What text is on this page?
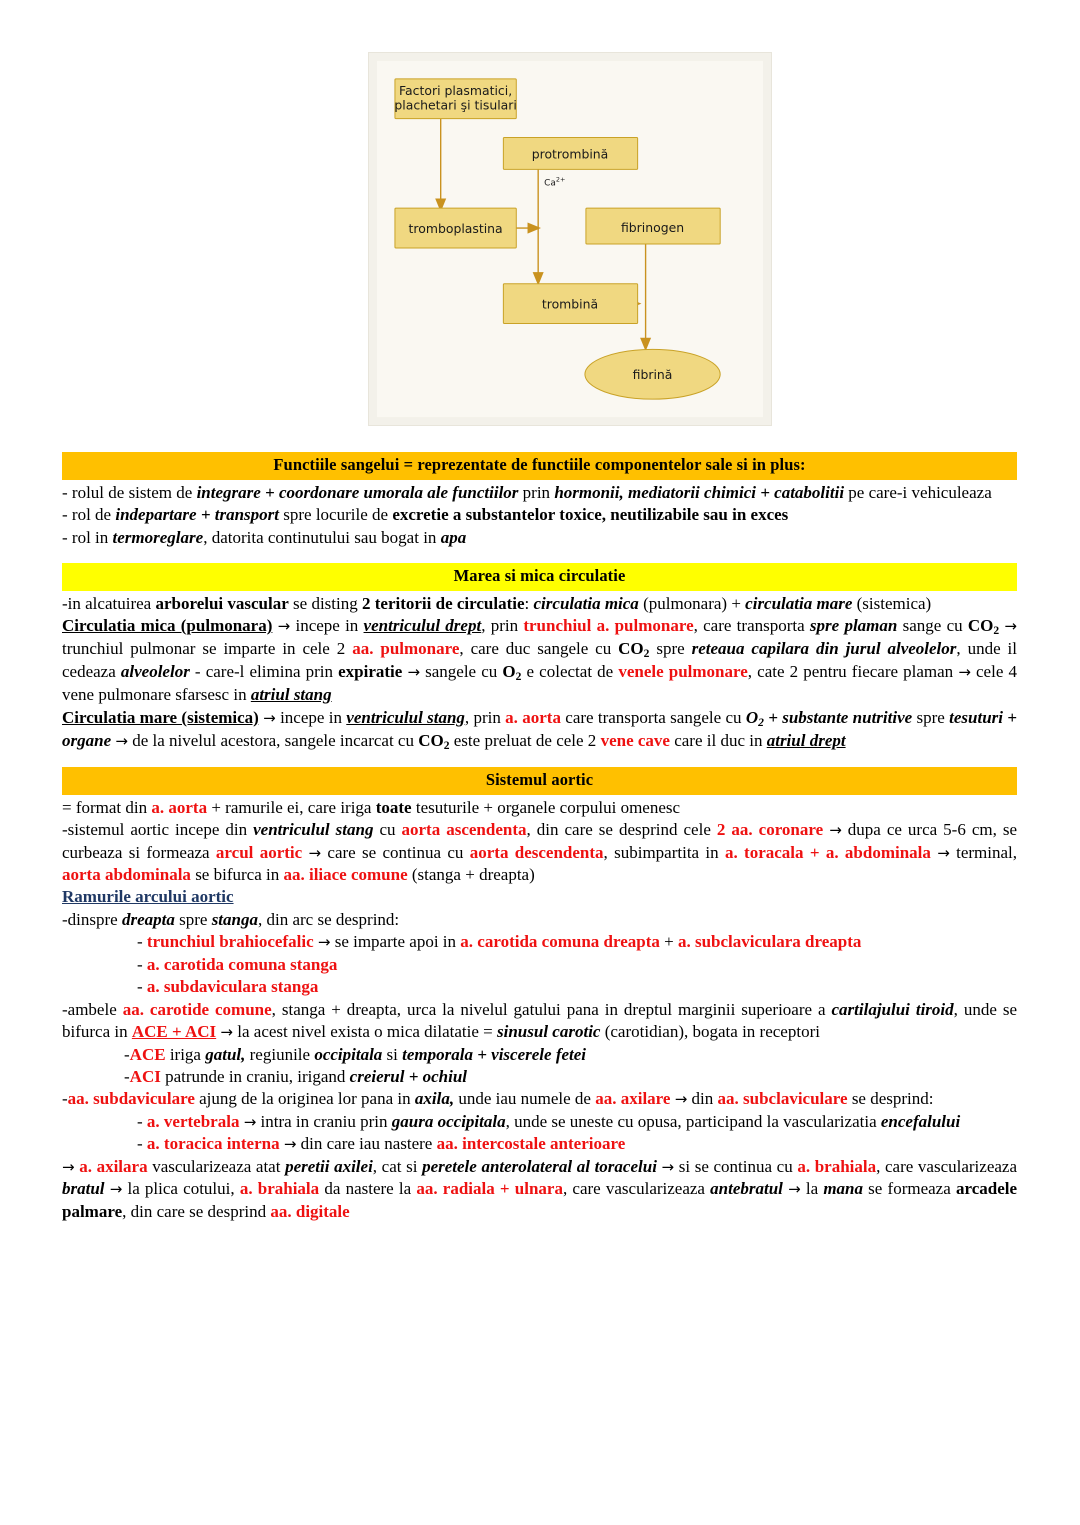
Factori plasmatici,
plachetari şi tisulari
protrombină
$Ca^{2+}$
tromboplastina	fibrinogen
trombină
fibrină
Functiile sangelui = reprezentate de functiile componentelor sale si in plus:

- rolul de sistem de integrare + coordonare umorala ale functiilor prin hormonii, mediatorii chimici + catabolitii pe care-i vehiculeaza

- rol de indepartare + transport spre locurile de excretie a substantelor toxice, neutilizabile sau in exces

- rol in termoreglare, datorita continutului sau bogat in apa

Marea si mica circulatie

-in alcatuirea arborelui vascular se disting 2 teritorii de circulatie: circulatia mica (pulmonara) + circulatia mare (sistemica)

Circulatia mica (pulmonara) → incepe in ventriculul drept, prin trunchiul a. pulmonare, care transporta spre plaman sange cu $CO_2$ → trunchiul pulmonar se imparte in cele 2 aa. pulmonare, care duc sangele cu $CO_2$ spre reteaua capilara din jurul alveolelor, unde il cedeaza alveolelor - care-l elimina prin expiratie → sangele cu $O_2$ e colectat de venele pulmonare, cate 2 pentru fiecare plaman → cele 4 vene pulmonare sfarsesc in atriul stang

Circulatia mare (sistemica) → incepe in ventriculul stang, prin a. aorta care transporta sangele cu $O_2$ + substante nutritive spre tesuturi + organe → de la nivelul acestora, sangele incarcat cu $CO_2$ este preluat de cele 2 vene cave care il duc in atriul drept

Sistemul aortic

= format din a. aorta + ramurile ei, care iriga toate tesuturile + organele corpului omenesc

-sistemul aortic incepe din ventriculul stang cu aorta ascendenta, din care se desprind cele 2 aa. coronare → dupa ce urca 5-6 cm, se curbeaza si formeaza arcul aortic → care se continua cu aorta descendenta, subimpartita in a. toracala + a. abdominala → terminal, aorta abdominala se bifurca in aa. iliace comune (stanga + dreapta)

Ramurile arcului aortic

-dinspre dreapta spre stanga, din arc se desprind:

- trunchiul brahiocefalic → se imparte apoi in a. carotida comuna dreapta + a. subclaviculara dreapta

- a. carotida comuna stanga

- a. subdaviculara stanga

-ambele aa. carotide comune, stanga + dreapta, urca la nivelul gatului pana in dreptul marginii superioare a cartilajului tiroid, unde se bifurca in ACE + ACI → la acest nivel exista o mica dilatatie = sinusul carotic (carotidian), bogata in receptori

-ACE iriga gatul, regiunile occipitala si temporala + viscerele fetei

-ACI patrunde in craniu, irigand creierul + ochiul

-aa. subdaviculare ajung de la originea lor pana in axila, unde iau numele de aa. axilare → din aa. subclaviculare se desprind:

- a. vertebrala → intra in craniu prin gaura occipitala, unde se uneste cu opusa, participand la vascularizatia encefalului

- a. toracica interna → din care iau nastere aa. intercostale anterioare

→ a. axilara vascularizeaza atat peretii axilei, cat si peretele anterolateral al toracelui → si se continua cu a. brahiala, care vascularizeaza bratul → la plica cotului, a. brahiala da nastere la aa. radiala + ulnara, care vascularizeaza antebratul → la mana se formeaza arcadele palmare, din care se desprind aa. digitale
